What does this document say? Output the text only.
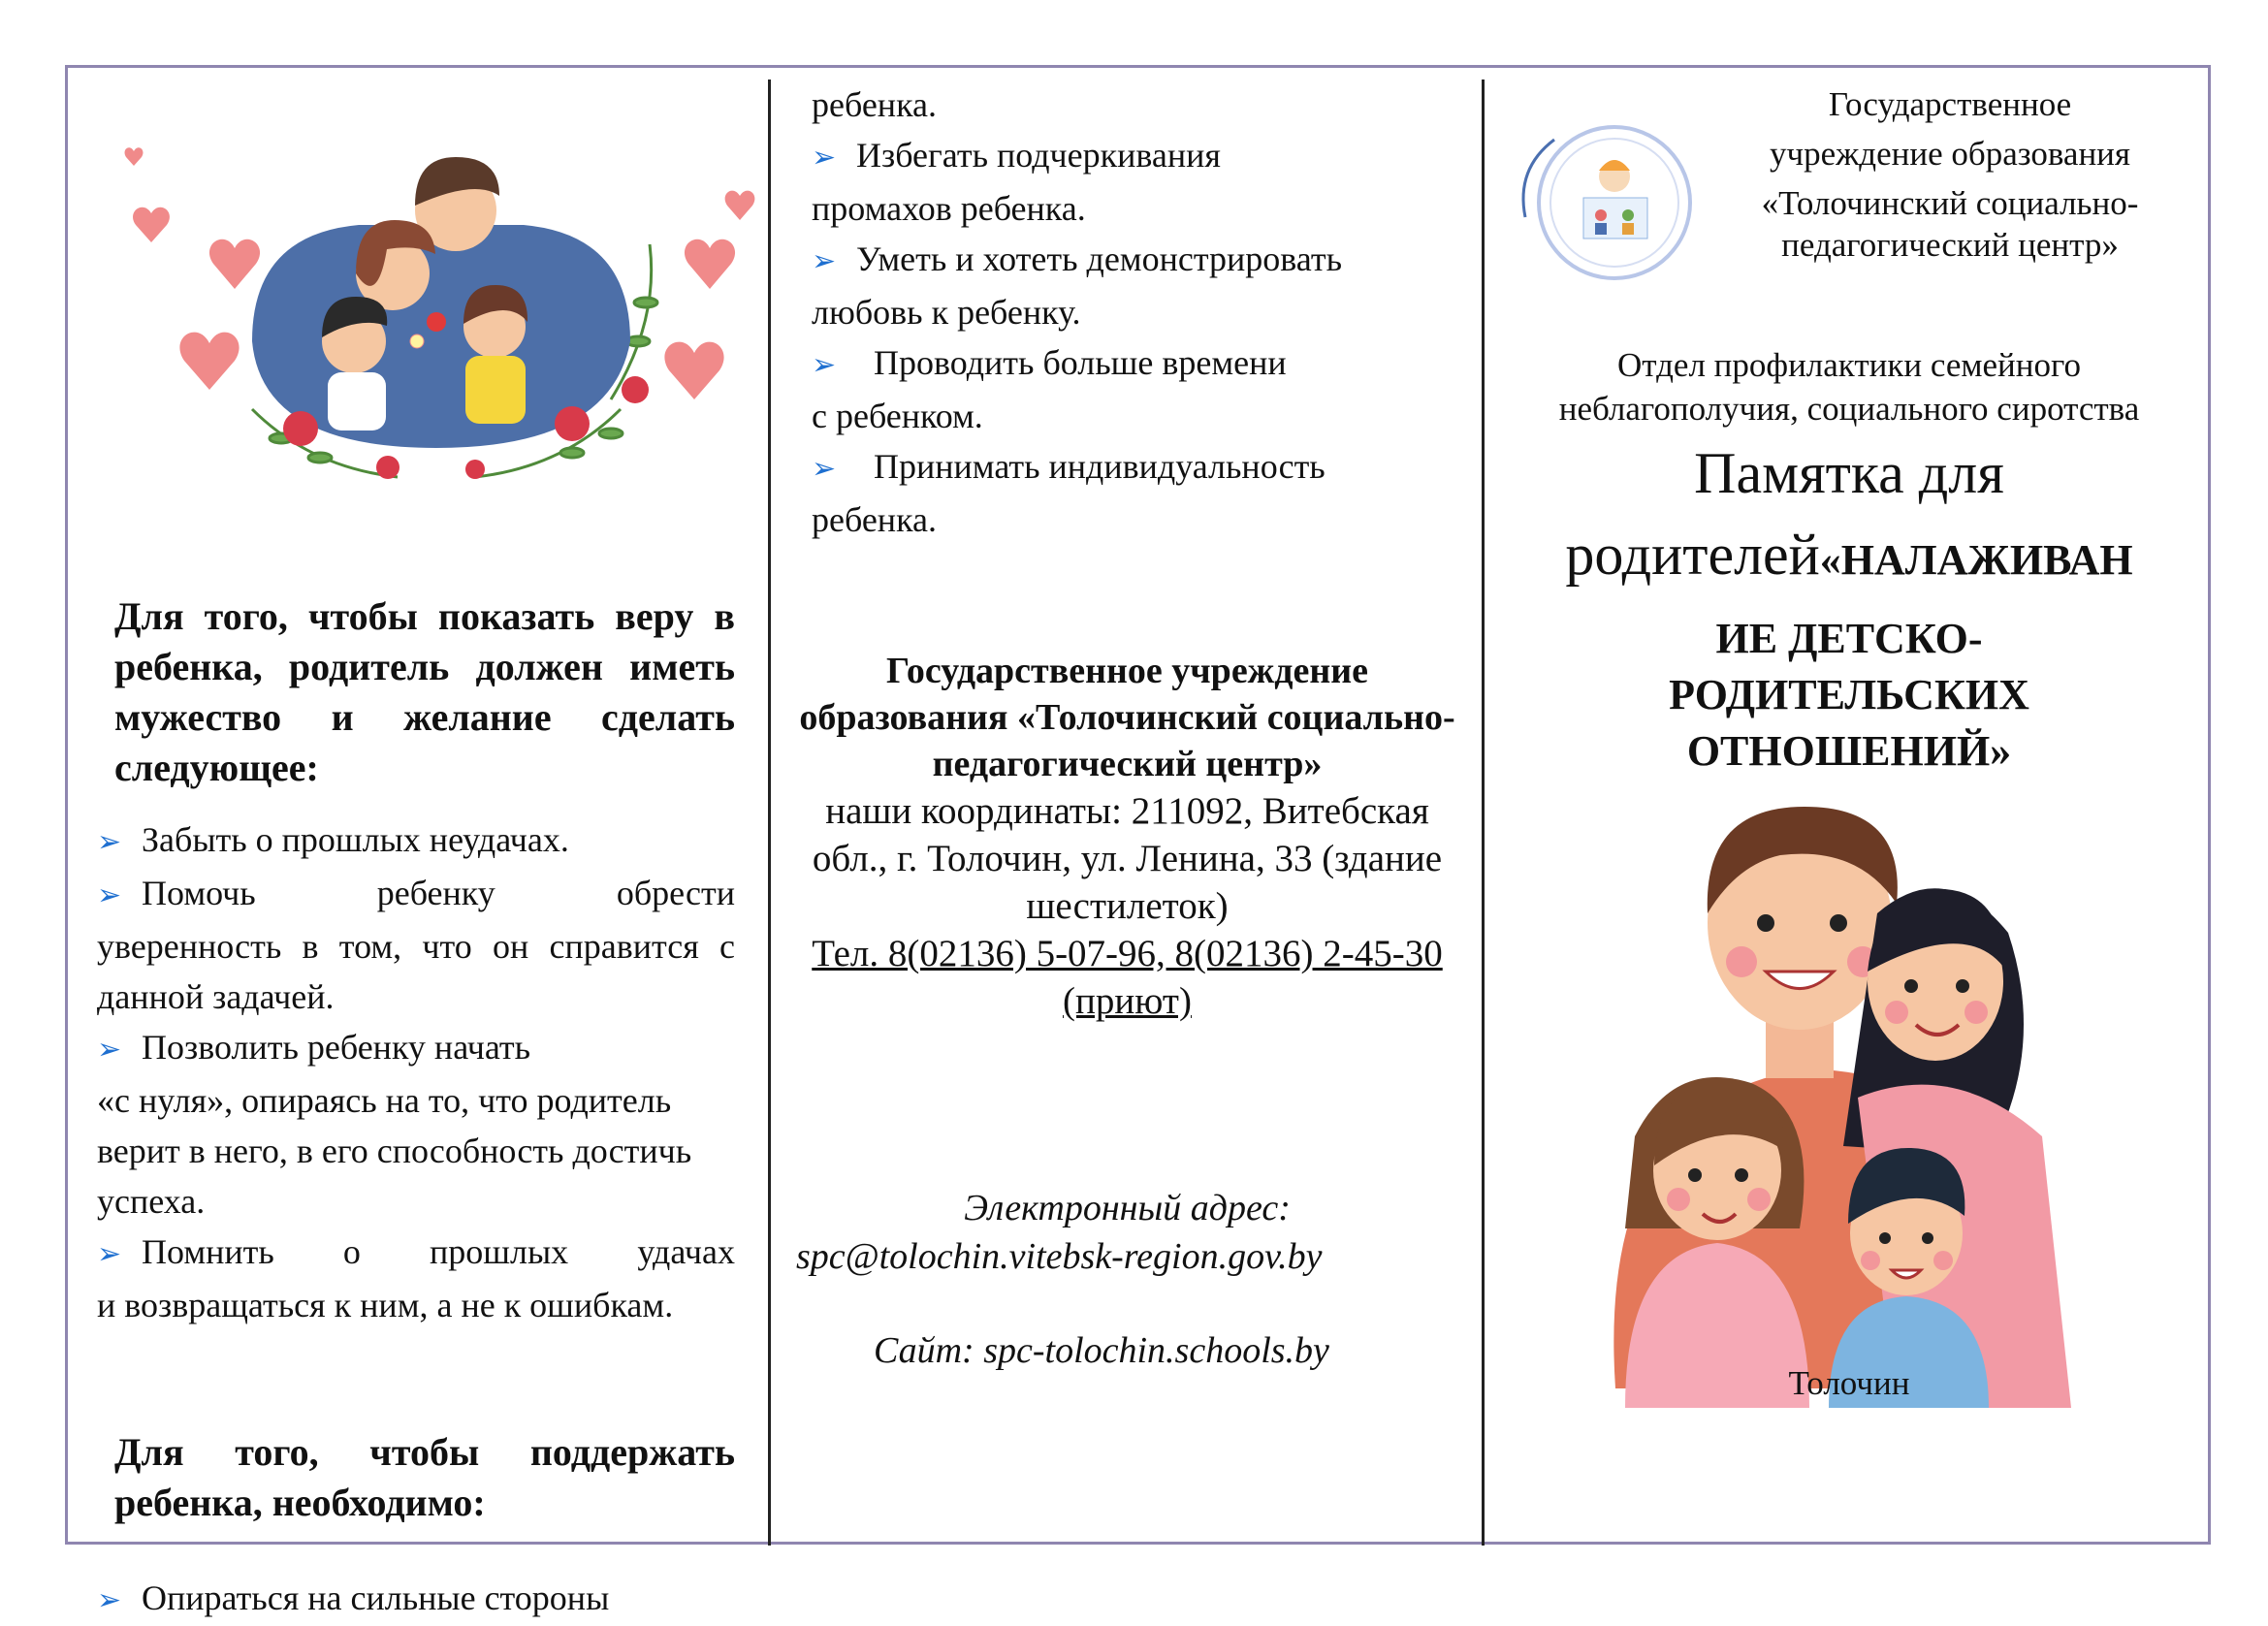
Для того, чтобы показать веру в ребенка, родитель должен иметь мужество и желание сделать следующее:
➢ Забыть о прошлых неудачах.
➢ Помочь ребенку обрести
уверенность в том, что он справится с
данной задачей.
➢ Позволить ребенку начать
«с нуля», опираясь на то, что родитель
верит в него, в его способность достичь
успеха.
➢ Помнить о прошлых удачах
и возвращаться к ним, а не к ошибкам.
Для того, чтобы поддержать ребенка, необходимо:
➢ Опираться на сильные стороны
ребенка.
➢ Избегать подчеркивания
промахов ребенка.
➢ Уметь и хотеть демонстрировать
любовь к ребенку.
➢ Проводить больше времени
с ребенком.
➢ Принимать индивидуальность
ребенка.
Государственное учреждение образования «Толочинский социально-педагогический центр»
наши координаты: 211092, Витебская обл., г. Толочин, ул. Ленина, 33 (здание шестилеток)
Тел. 8(02136) 5-07-96, 8(02136) 2-45-30 (приют)
Электронный адрес:
spc@tolochin.vitebsk-region.gov.by
Сайт: spc-tolochin.schools.by
Государственное
учреждение образования
«Толочинский социально-
педагогический центр»
Отдел профилактики семейного неблагополучия, социального сиротства
Памятка для
родителей«НАЛАЖИВАН
ИЕ ДЕТСКО-
РОДИТЕЛЬСКИХ
ОТНОШЕНИЙ»
Толочин
